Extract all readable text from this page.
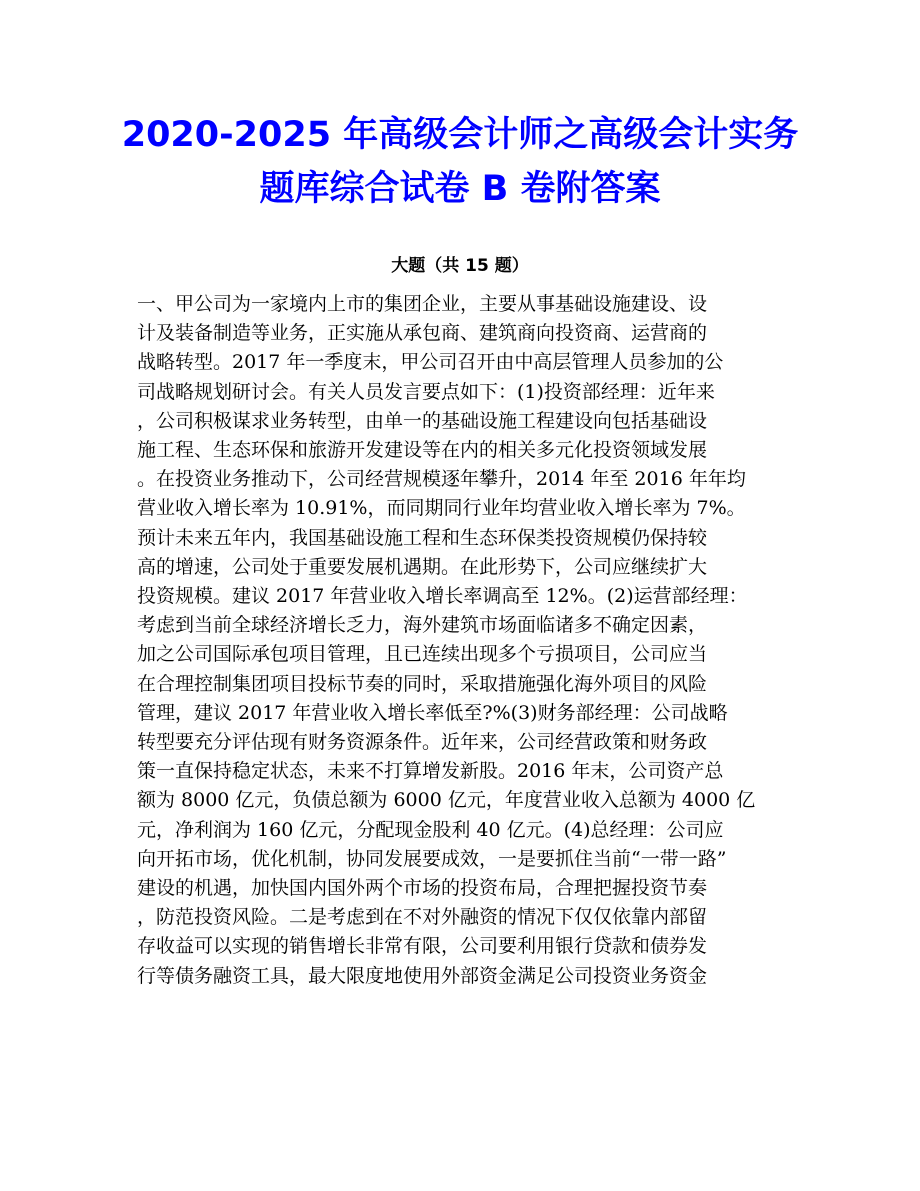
2020-2025 年高级会计师之高级会计实务
题库综合试卷 B 卷附答案
大题（共 15 题）
一、甲公司为一家境内上市的集团企业，主要从事基础设施建设、设
计及装备制造等业务，正实施从承包商、建筑商向投资商、运营商的
战略转型。2017 年一季度末，甲公司召开由中高层管理人员参加的公
司战略规划研讨会。有关人员发言要点如下：(1)投资部经理：近年来
，公司积极谋求业务转型，由单一的基础设施工程建设向包括基础设
施工程、生态环保和旅游开发建设等在内的相关多元化投资领域发展
。在投资业务推动下，公司经营规模逐年攀升，2014 年至 2016 年年均
营业收入增长率为 10.91%，而同期同行业年均营业收入增长率为 7%。
预计未来五年内，我国基础设施工程和生态环保类投资规模仍保持较
高的增速，公司处于重要发展机遇期。在此形势下，公司应继续扩大
投资规模。建议 2017 年营业收入增长率调高至 12%。(2)运营部经理：
考虑到当前全球经济增长乏力，海外建筑市场面临诸多不确定因素，
加之公司国际承包项目管理，且已连续出现多个亏损项目，公司应当
在合理控制集团项目投标节奏的同时，采取措施强化海外项目的风险
管理，建议 2017 年营业收入增长率低至?%(3)财务部经理：公司战略
转型要充分评估现有财务资源条件。近年来，公司经营政策和财务政
策一直保持稳定状态，未来不打算增发新股。2016 年末，公司资产总
额为 8000 亿元，负债总额为 6000 亿元，年度营业收入总额为 4000 亿
元，净利润为 160 亿元，分配现金股利 40 亿元。(4)总经理：公司应
向开拓市场，优化机制，协同发展要成效，一是要抓住当前“一带一路”
建设的机遇，加快国内国外两个市场的投资布局，合理把握投资节奏
，防范投资风险。二是考虑到在不对外融资的情况下仅仅依靠内部留
存收益可以实现的销售增长非常有限，公司要利用银行贷款和债券发
行等债务融资工具，最大限度地使用外部资金满足公司投资业务资金
